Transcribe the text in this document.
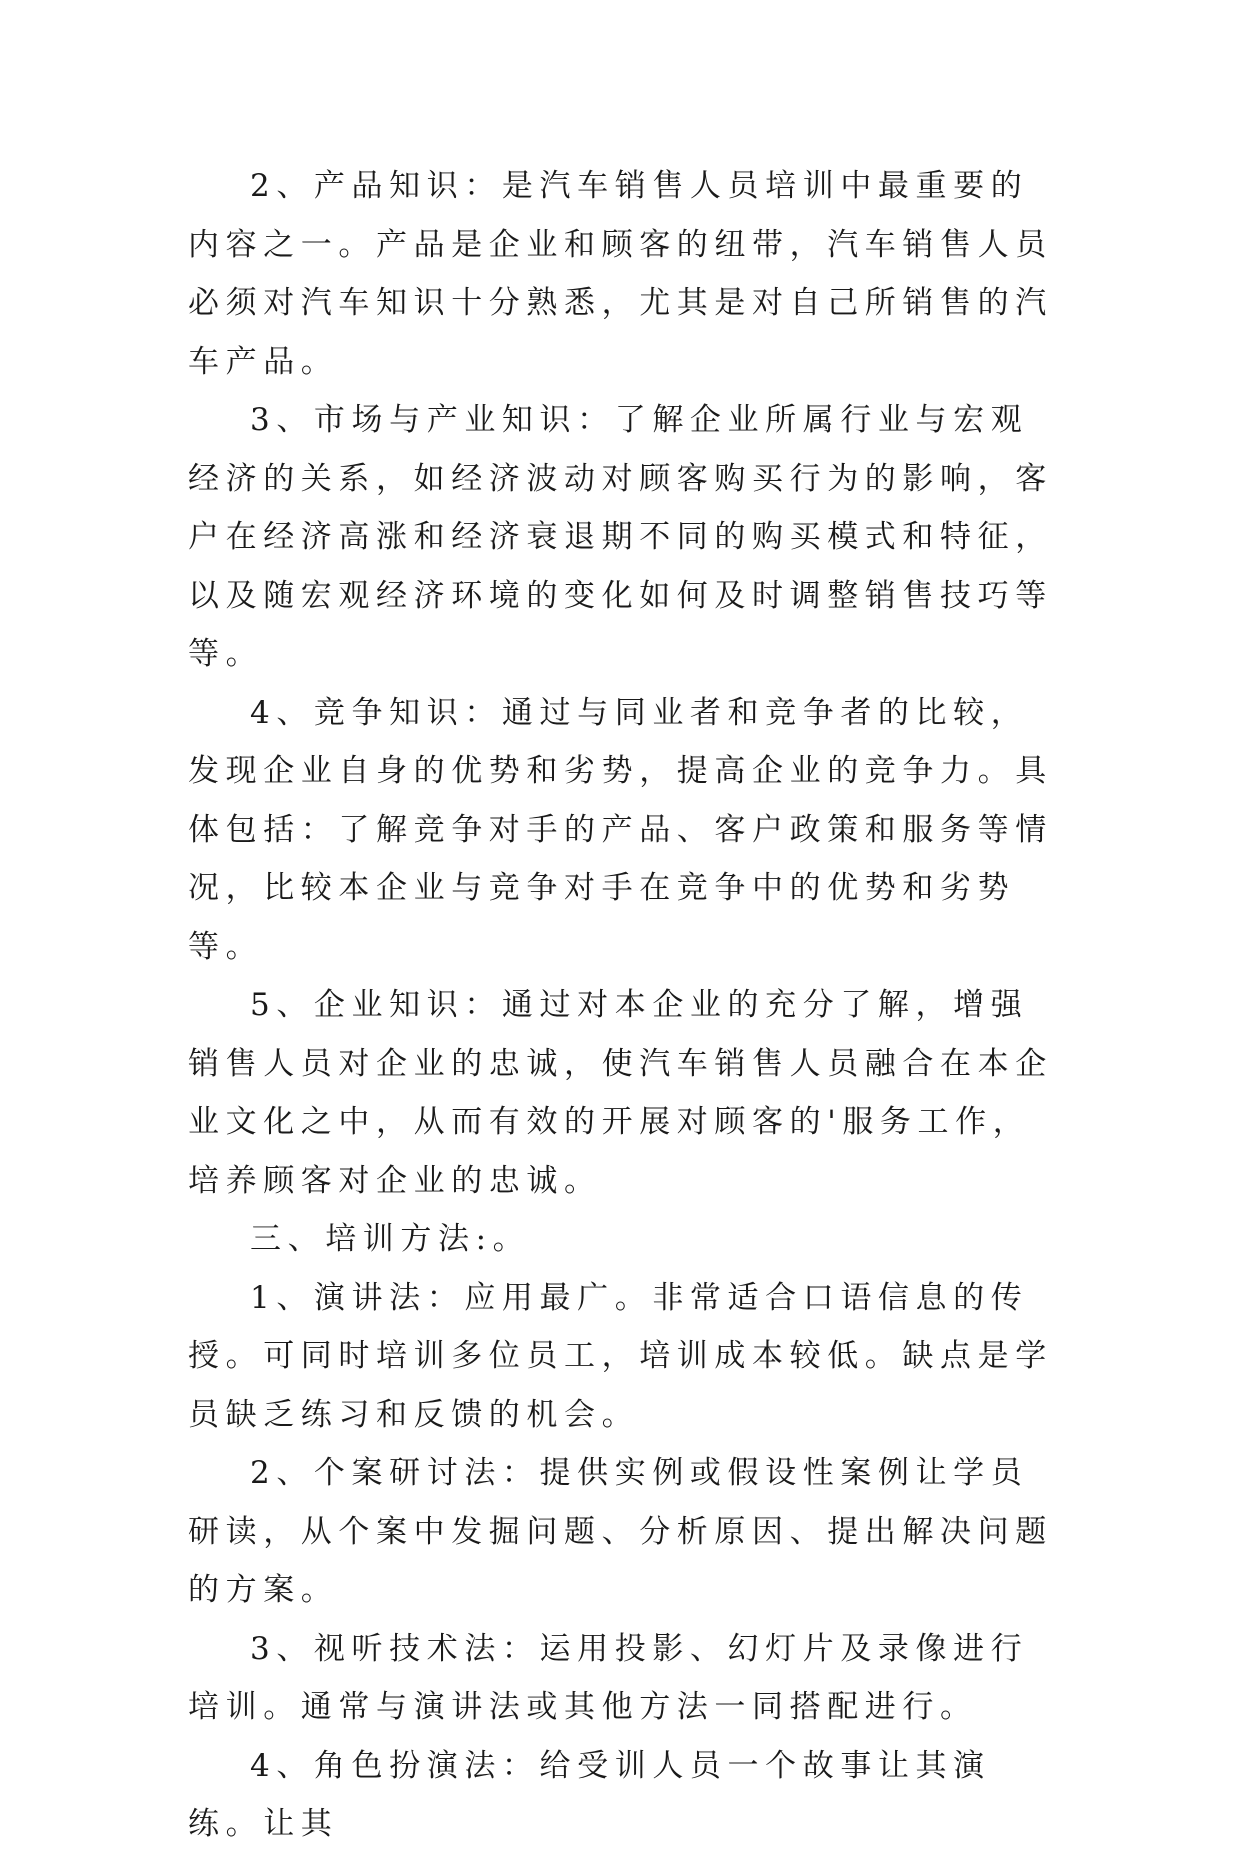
2、产品知识：是汽车销售人员培训中最重要的内容之一。产品是企业和顾客的纽带，汽车销售人员必须对汽车知识十分熟悉，尤其是对自己所销售的汽车产品。

3、市场与产业知识：了解企业所属行业与宏观经济的关系，如经济波动对顾客购买行为的影响，客户在经济高涨和经济衰退期不同的购买模式和特征，以及随宏观经济环境的变化如何及时调整销售技巧等等。

4、竞争知识：通过与同业者和竞争者的比较，发现企业自身的优势和劣势，提高企业的竞争力。具体包括：了解竞争对手的产品、客户政策和服务等情况，比较本企业与竞争对手在竞争中的优势和劣势等。

5、企业知识：通过对本企业的充分了解，增强销售人员对企业的忠诚，使汽车销售人员融合在本企业文化之中，从而有效的开展对顾客的'服务工作，培养顾客对企业的忠诚。

三、培训方法:。

1、演讲法：应用最广。非常适合口语信息的传授。可同时培训多位员工，培训成本较低。缺点是学员缺乏练习和反馈的机会。

2、个案研讨法：提供实例或假设性案例让学员研读，从个案中发掘问题、分析原因、提出解决问题的方案。

3、视听技术法：运用投影、幻灯片及录像进行培训。通常与演讲法或其他方法一同搭配进行。

4、角色扮演法：给受训人员一个故事让其演练。让其
